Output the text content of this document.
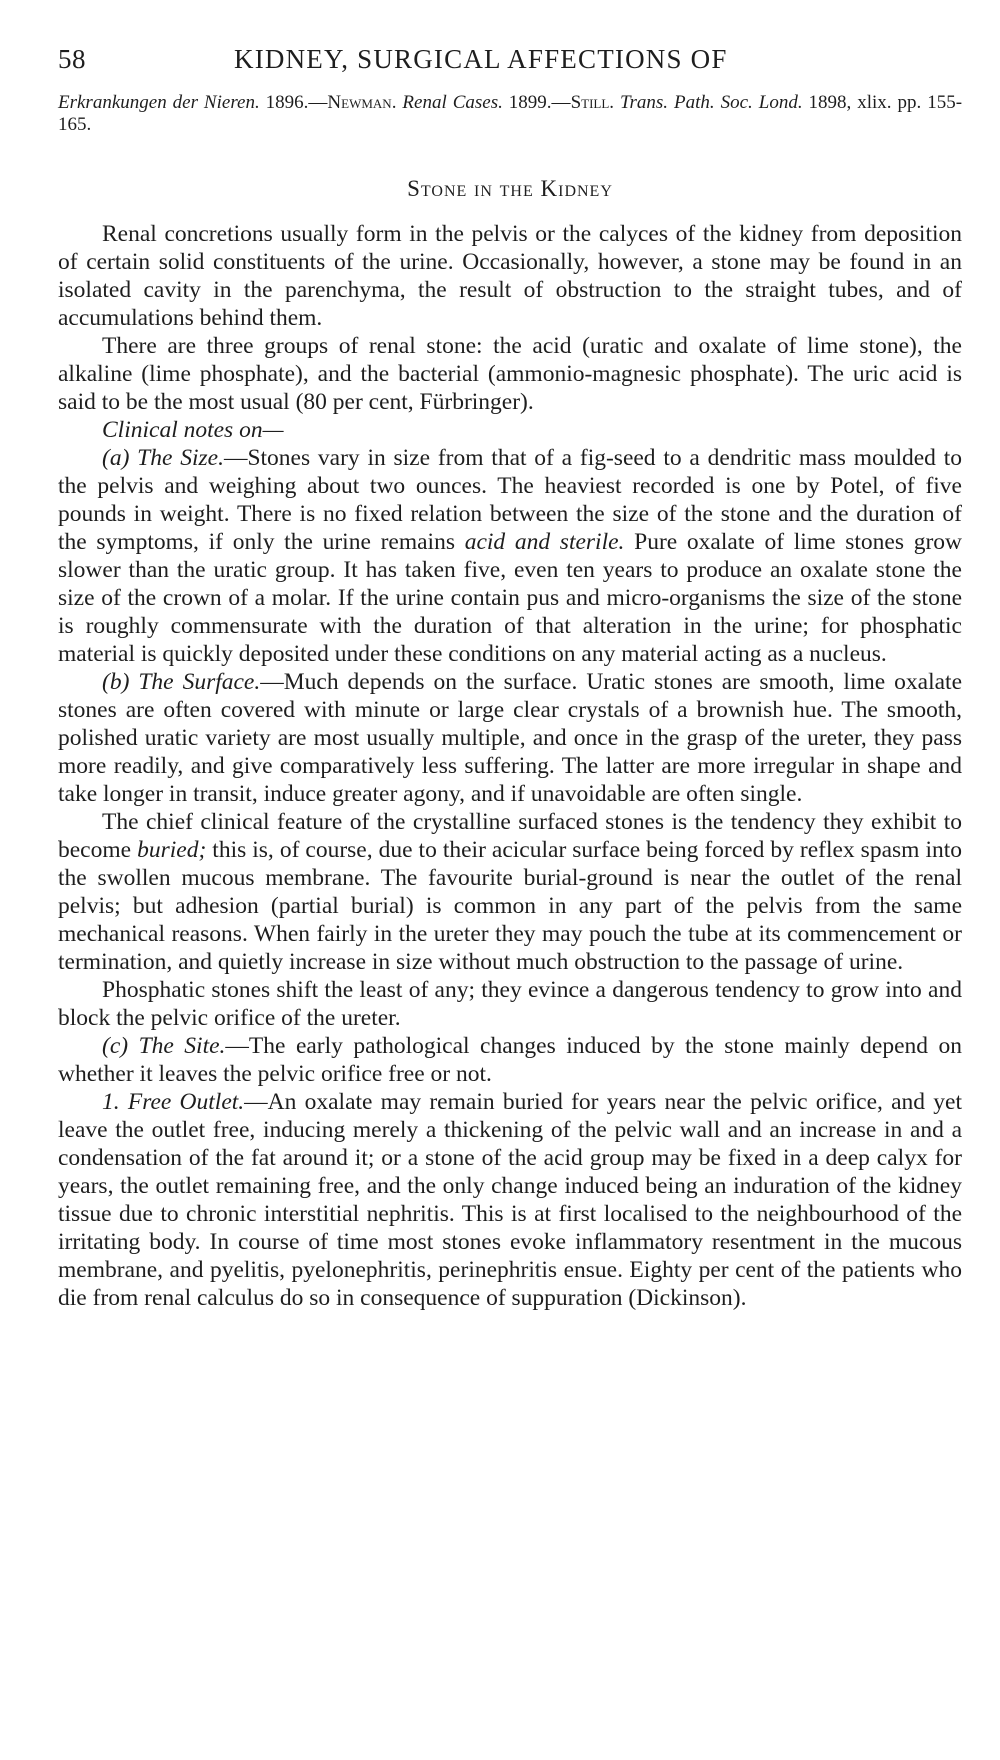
58	KIDNEY, SURGICAL AFFECTIONS OF
Erkrankungen der Nieren. 1896.—Newman. Renal Cases. 1899.—Still. Trans. Path. Soc. Lond. 1898, xlix. pp. 155-165.
Stone in the Kidney

Renal concretions usually form in the pelvis or the calyces of the kidney from deposition of certain solid constituents of the urine. Occasionally, however, a stone may be found in an isolated cavity in the parenchyma, the result of obstruction to the straight tubes, and of accumulations behind them.

There are three groups of renal stone: the acid (uratic and oxalate of lime stone), the alkaline (lime phosphate), and the bacterial (ammonio-magnesic phosphate). The uric acid is said to be the most usual (80 per cent, Fürbringer).

Clinical notes on—

(a) The Size.—Stones vary in size from that of a fig-seed to a dendritic mass moulded to the pelvis and weighing about two ounces. The heaviest recorded is one by Potel, of five pounds in weight. There is no fixed relation between the size of the stone and the duration of the symptoms, if only the urine remains acid and sterile. Pure oxalate of lime stones grow slower than the uratic group. It has taken five, even ten years to produce an oxalate stone the size of the crown of a molar. If the urine contain pus and micro-organisms the size of the stone is roughly commensurate with the duration of that alteration in the urine; for phosphatic material is quickly deposited under these conditions on any material acting as a nucleus.

(b) The Surface.—Much depends on the surface. Uratic stones are smooth, lime oxalate stones are often covered with minute or large clear crystals of a brownish hue. The smooth, polished uratic variety are most usually multiple, and once in the grasp of the ureter, they pass more readily, and give comparatively less suffering. The latter are more irregular in shape and take longer in transit, induce greater agony, and if unavoidable are often single.

The chief clinical feature of the crystalline surfaced stones is the tendency they exhibit to become buried; this is, of course, due to their acicular surface being forced by reflex spasm into the swollen mucous membrane. The favourite burial-ground is near the outlet of the renal pelvis; but adhesion (partial burial) is common in any part of the pelvis from the same mechanical reasons. When fairly in the ureter they may pouch the tube at its commencement or termination, and quietly increase in size without much obstruction to the passage of urine.

Phosphatic stones shift the least of any; they evince a dangerous tendency to grow into and block the pelvic orifice of the ureter.

(c) The Site.—The early pathological changes induced by the stone mainly depend on whether it leaves the pelvic orifice free or not.

1. Free Outlet.—An oxalate may remain buried for years near the pelvic orifice, and yet leave the outlet free, inducing merely a thickening of the pelvic wall and an increase in and a condensation of the fat around it; or a stone of the acid group may be fixed in a deep calyx for years, the outlet remaining free, and the only change induced being an induration of the kidney tissue due to chronic interstitial nephritis. This is at first localised to the neighbourhood of the irritating body. In course of time most stones evoke inflammatory resentment in the mucous membrane, and pyelitis, pyelonephritis, perinephritis ensue. Eighty per cent of the patients who die from renal calculus do so in consequence of suppuration (Dickinson).
